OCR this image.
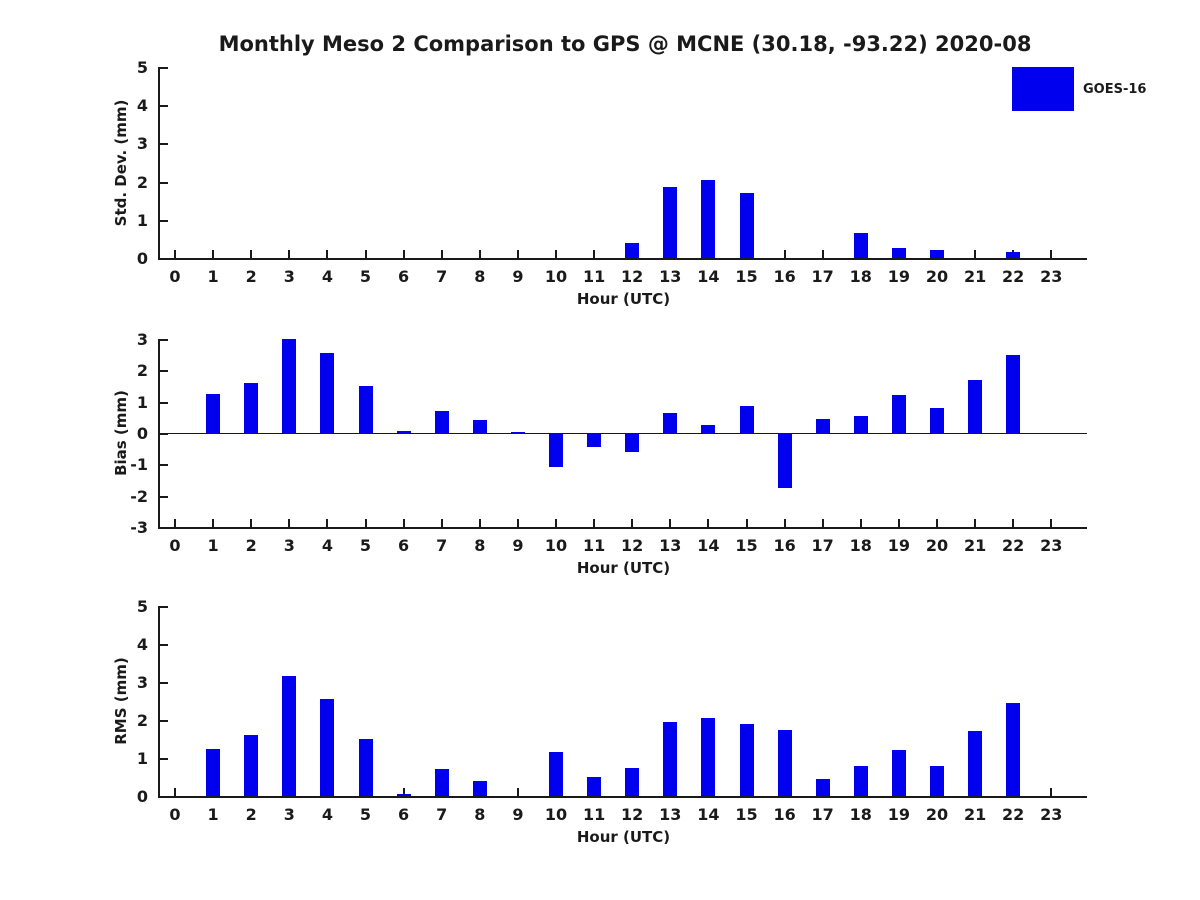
Monthly Meso 2 Comparison to GPS @ MCNE (30.18, -93.22) 2020-08
GOES-16
0
1
2
3
4
5
0	1	2	3	4	5	6	7	8	9	10 11 12 13 14 15 16 17 18 19 20 21 22 23
Hour (UTC)
Std. Dev. (mm)
-3
-2
-1
0
1
2
3
0	1	2	3	4	5	6	7	8	9	10 11 12 13 14 15 16 17 18 19 20 21 22 23
Hour (UTC)
Bias (mm)
0
1
2
3
4
5
0	1	2	3	4	5	6	7	8	9	10 11 12 13 14 15 16 17 18 19 20 21 22 23
Hour (UTC)
RMS (mm)
